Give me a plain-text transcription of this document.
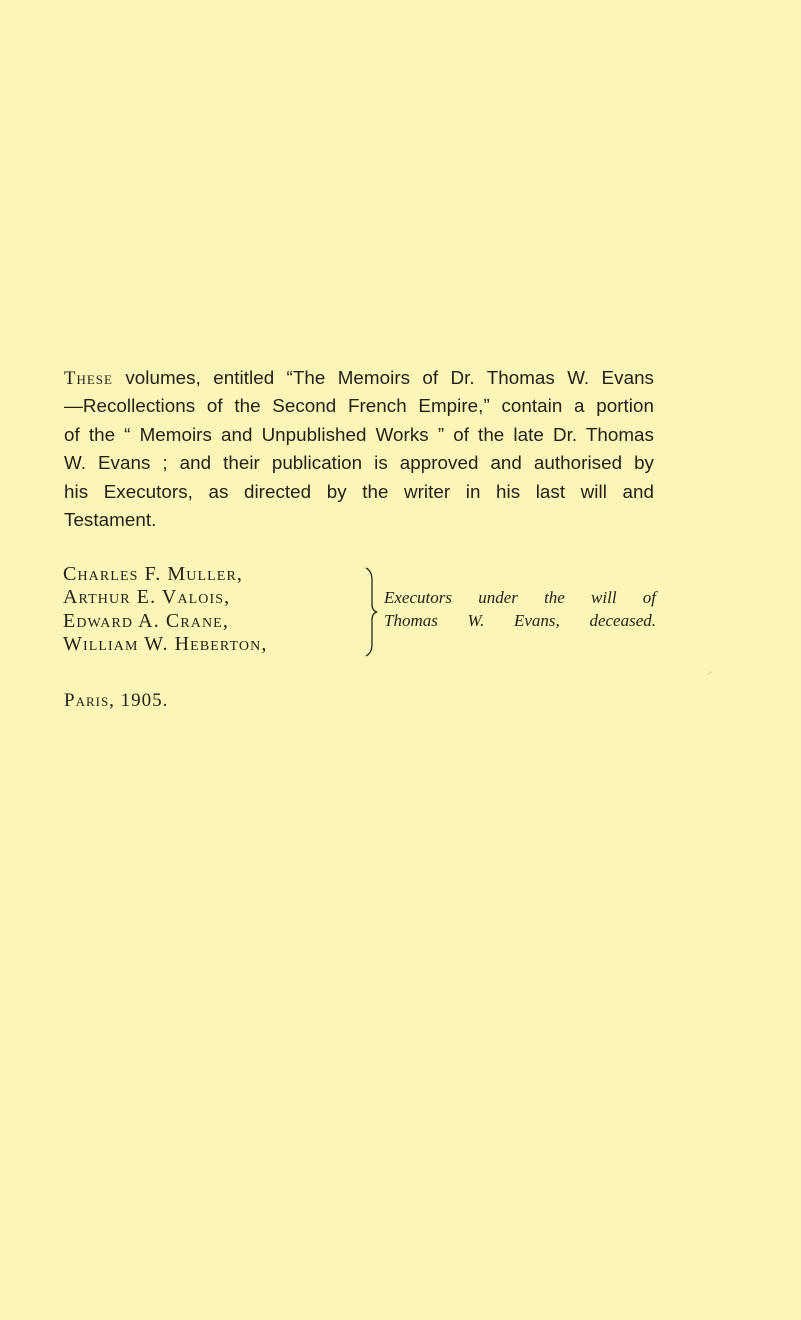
These volumes, entitled “The Memoirs of Dr. Thomas W. Evans
—Recollections of the Second French Empire,” contain a portion
of the “ Memoirs and Unpublished Works ” of the late Dr. Thomas
W. Evans ; and their publication is approved and authorised by
his Executors, as directed by the writer in his last will and
Testament.
Charles F. Muller,
Arthur E. Valois,
Edward A. Crane,
William W. Heberton,
Executors under the will of
Thomas W. Evans, deceased.
Paris, 1905.
